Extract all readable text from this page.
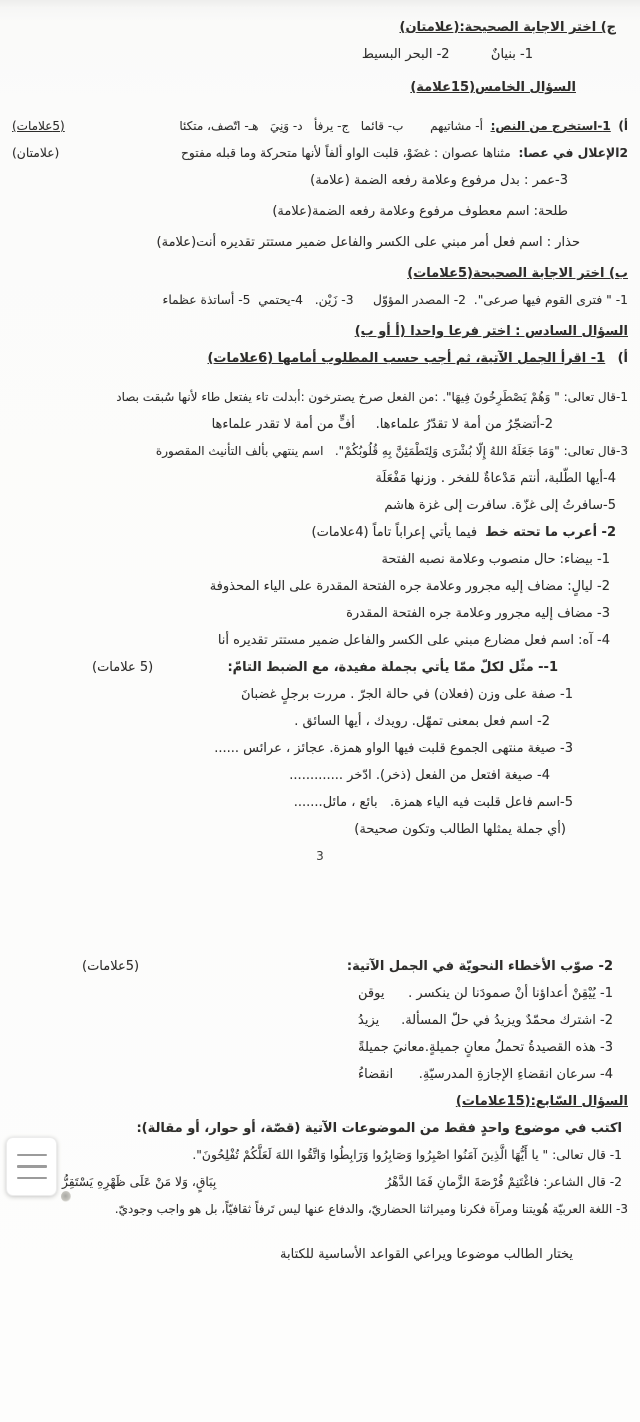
ج) اختر الاجابة الصحيحة:(علامتان)
1- بنيانٌ          2- البحر البسيط
السؤال الخامس(15علامة)
أ)  1-استخرج من النص:  أ- مشاتيهم       ب- قائما   ج- يرفأ   د- وَنِيَ   هـ- اتّصف، متكئا
(5علامات)
2الإعلال في عصا:  مثناها عصوان : غضَوْ، قلبت الواو ألفاً لأنها متحركة وما قبله مفتوح
(علامتان)
3-عمر : بدل مرفوع وعلامة رفعه الضمة (علامة)
طلحة: اسم معطوف مرفوع وعلامة رفعه الضمة(علامة)
حذار : اسم فعل أمر مبني على الكسر والفاعل ضمير مستتر تقديره أنت(علامة)
ب) اختر الاجابة الصحيحة(5علامات)
1- " فترى القوم فيها صرعى".  2- المصدر المؤوّل     3- زَيْن.   4-يحتمي  5- أساتذة عظماء
السؤال السادس : اختر فرعا واحدا (أ أو ب)
أ)   1- اقرأ الجمل الآتية، ثم أجب حسب المطلوب أمامها (6علامات)
1-قال تعالى: " وَهُمْ يَصْطَرِخُونَ فِيهَا". :من الفعل صرخ يصترخون :أبدلت تاء يفتعل طاء لأنها سُبقت بصاد
2-أتضجّرُ من أمة لا تقدّرُ علماءها.     أفٍّ من أمة لا تقدر علماءها
3-قال تعالى: "وَمَا جَعَلَهُ اللهُ إِلّا بُشْرَى وَلِتَطْمَئِنَّ بِهِ قُلُوبُكُمْ".   اسم ينتهي بألف التأنيث المقصورة
4-أيها الطّلبة، أنتم مَدْعاةٌ للفخر . وزنها مَفْعَلَة
5-سافرتُ إلى غزّة. سافرت إلى غزة هاشم
2- أعرب ما تحته خط  فيما يأتي إعراباً تاماً (4علامات)
1- بيضاء: حال منصوب وعلامة نصبه الفتحة
2- ليالٍ: مضاف إليه مجرور وعلامة جره الفتحة المقدرة على الياء المحذوفة
3- مضاف إليه مجرور وعلامة جره الفتحة المقدرة
4- آه: اسم فعل مضارع مبني على الكسر والفاعل ضمير مستتر تقديره أنا
1-- مثّل لكلّ ممّا يأتي بجملة مفيدة، مع الضبط التامّ:
(5 علامات)
1- صفة على وزن (فعلان) في حالة الجرّ . مررت برجلٍ غضبانَ
2- اسم فعل بمعنى تمهّل. رويدك ، أيها السائق .
3- صيغة منتهى الجموع قلبت فيها الواو همزة. عجائز ، عرائس ......
4- صيغة افتعل من الفعل (ذخر). ادّخر .............
5-اسم فاعل قلبت فيه الياء همزة.   بائع ، مائل.......
(أي جملة يمثلها الطالب وتكون صحيحة)
3
2- صوّب الأخطاء النحويّة في الجمل الآتية:
(5علامات)
1- يُيْقِنْ أعداؤنا أنْ صمودَنا لن ينكسر .
يوقن
2- اشترك محمّدٌ ويزيدُ في حلّ المسألة.
يزيدُ
3- هذه القصيدةُ تحملُ معانٍ جميلةٍ.
معانيَ جميلةً
4- سرعان انقضاءِ الإجازةِ المدرسيّةِ.
انقضاءُ
السؤال السّابع:(15علامات)
اكتب في موضوع واحدٍ فقط من الموضوعات الآتية (قصّة، أو حوار، أو مقالة):
1- قال تعالى: " يا أَيُّهَا الَّذِينَ آمَنُوا اصْبِرُوا وَصَابِرُوا وَرَابِطُوا وَاتَّقُوا اللهَ لَعَلَّكُمْ تُفْلِحُونَ".
2- قال الشاعر: فاغْتَنِمْ فُرْصَةَ الزَّمانِ فَمَا الدَّهْرُ
بِبَاقٍ، وَلا مَنْ عَلَى ظَهْرِهِ يَسْتَقِرُّ
3- اللغة العربيّة هُويتنا ومرآة فكرنا وميراثنا الحضاريّ، والدفاع عنها ليس تَرفاً ثقافيّاً، بل هو واجب وجوديّ.
يختار الطالب موضوعا ويراعي القواعد الأساسية للكتابة
